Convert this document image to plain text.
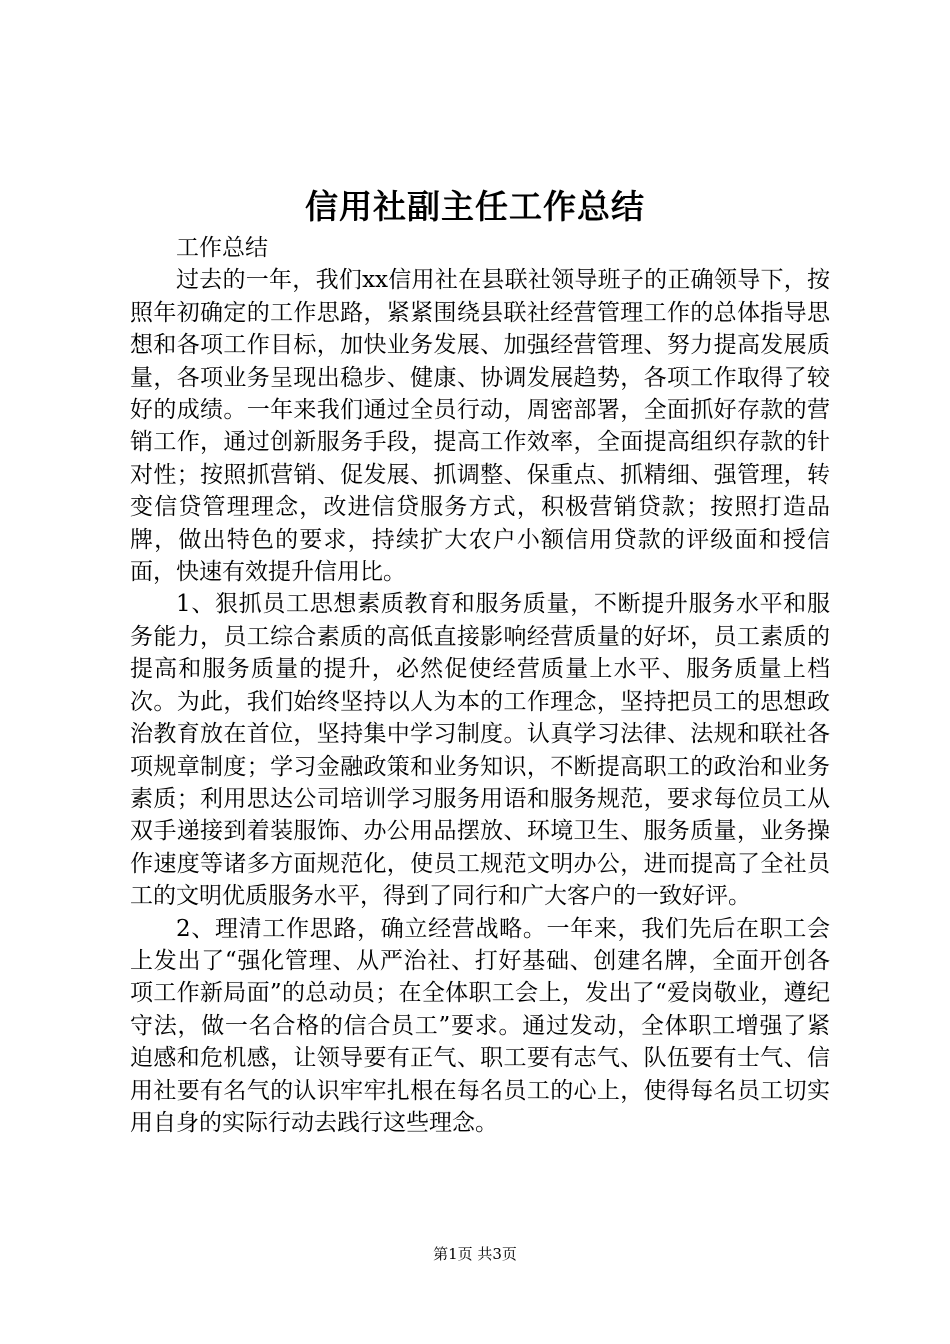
信用社副主任工作总结

工作总结

过去的一年，我们xx信用社在县联社领导班子的正确领导下，按照年初确定的工作思路，紧紧围绕县联社经营管理工作的总体指导思想和各项工作目标，加快业务发展、加强经营管理、努力提高发展质量，各项业务呈现出稳步、健康、协调发展趋势，各项工作取得了较好的成绩。一年来我们通过全员行动，周密部署，全面抓好存款的营销工作，通过创新服务手段，提高工作效率，全面提高组织存款的针对性；按照抓营销、促发展、抓调整、保重点、抓精细、强管理，转变信贷管理理念，改进信贷服务方式，积极营销贷款；按照打造品牌，做出特色的要求，持续扩大农户小额信用贷款的评级面和授信面，快速有效提升信用比。

1、狠抓员工思想素质教育和服务质量，不断提升服务水平和服务能力，员工综合素质的高低直接影响经营质量的好坏，员工素质的提高和服务质量的提升，必然促使经营质量上水平、服务质量上档次。为此，我们始终坚持以人为本的工作理念，坚持把员工的思想政治教育放在首位，坚持集中学习制度。认真学习法律、法规和联社各项规章制度；学习金融政策和业务知识，不断提高职工的政治和业务素质；利用思达公司培训学习服务用语和服务规范，要求每位员工从双手递接到着装服饰、办公用品摆放、环境卫生、服务质量，业务操作速度等诸多方面规范化，使员工规范文明办公，进而提高了全社员工的文明优质服务水平，得到了同行和广大客户的一致好评。

2、理清工作思路，确立经营战略。一年来，我们先后在职工会上发出了“强化管理、从严治社、打好基础、创建名牌，全面开创各项工作新局面”的总动员；在全体职工会上，发出了“爱岗敬业，遵纪守法，做一名合格的信合员工”要求。通过发动，全体职工增强了紧迫感和危机感，让领导要有正气、职工要有志气、队伍要有士气、信用社要有名气的认识牢牢扎根在每名员工的心上，使得每名员工切实用自身的实际行动去践行这些理念。

第1页 共3页
